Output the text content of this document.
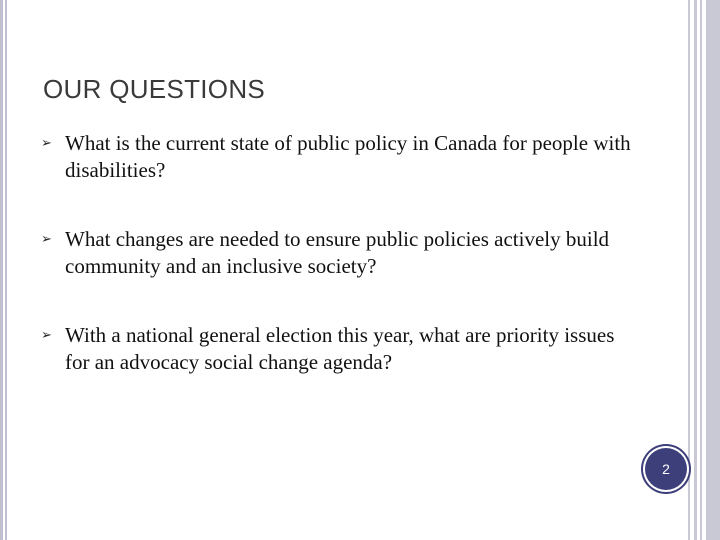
OUR QUESTIONS
➢ What is the current state of public policy in Canada for people with disabilities?
➢ What changes are needed to ensure public policies actively build community and an inclusive society?
➢ With a national general election this year, what are priority issues for an advocacy social change agenda?
2
